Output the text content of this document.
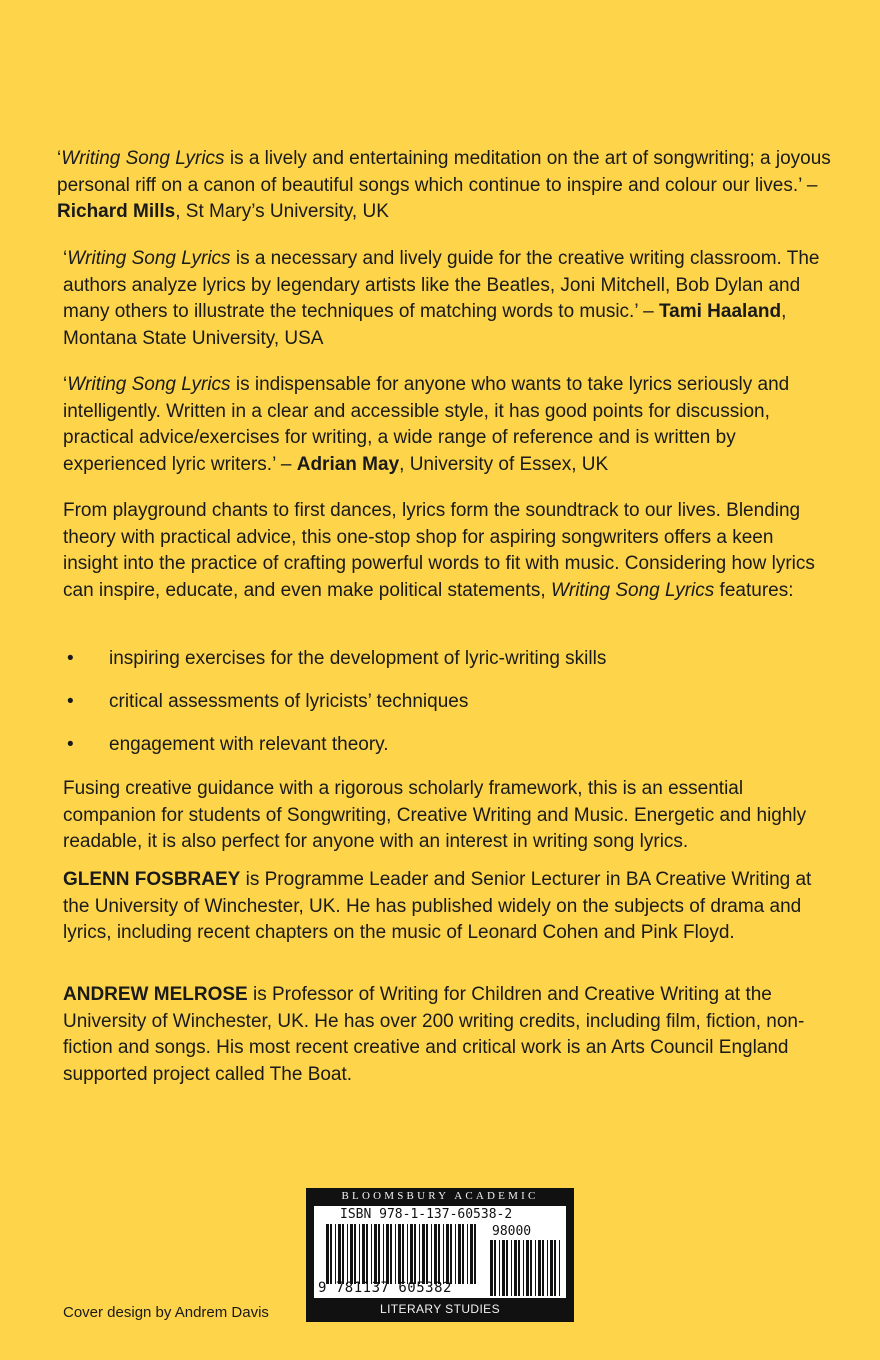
‘Writing Song Lyrics is a lively and entertaining meditation on the art of songwriting; a joyous personal riff on a canon of beautiful songs which continue to inspire and colour our lives.’ – Richard Mills, St Mary’s University, UK

‘Writing Song Lyrics is a necessary and lively guide for the creative writing classroom. The authors analyze lyrics by legendary artists like the Beatles, Joni Mitchell, Bob Dylan and many others to illustrate the techniques of matching words to music.’ – Tami Haaland, Montana State University, USA

‘Writing Song Lyrics is indispensable for anyone who wants to take lyrics seriously and intelligently. Written in a clear and accessible style, it has good points for discussion, practical advice/exercises for writing, a wide range of reference and is written by experienced lyric writers.’ – Adrian May, University of Essex, UK

From playground chants to first dances, lyrics form the soundtrack to our lives. Blending theory with practical advice, this one-stop shop for aspiring songwriters offers a keen insight into the practice of crafting powerful words to fit with music. Considering how lyrics can inspire, educate, and even make political statements, Writing Song Lyrics features:

• inspiring exercises for the development of lyric-writing skills
• critical assessments of lyricists’ techniques
• engagement with relevant theory.

Fusing creative guidance with a rigorous scholarly framework, this is an essential companion for students of Songwriting, Creative Writing and Music. Energetic and highly readable, it is also perfect for anyone with an interest in writing song lyrics.

GLENN FOSBRAEY is Programme Leader and Senior Lecturer in BA Creative Writing at the University of Winchester, UK. He has published widely on the subjects of drama and lyrics, including recent chapters on the music of Leonard Cohen and Pink Floyd.

ANDREW MELROSE is Professor of Writing for Children and Creative Writing at the University of Winchester, UK. He has over 200 writing credits, including film, fiction, non-fiction and songs. His most recent creative and critical work is an Arts Council England supported project called The Boat.

BLOOMSBURY ACADEMIC
ISBN 978-1-137-60538-2
98000
9 781137 605382
LITERARY STUDIES
Cover design by Andrem Davis
